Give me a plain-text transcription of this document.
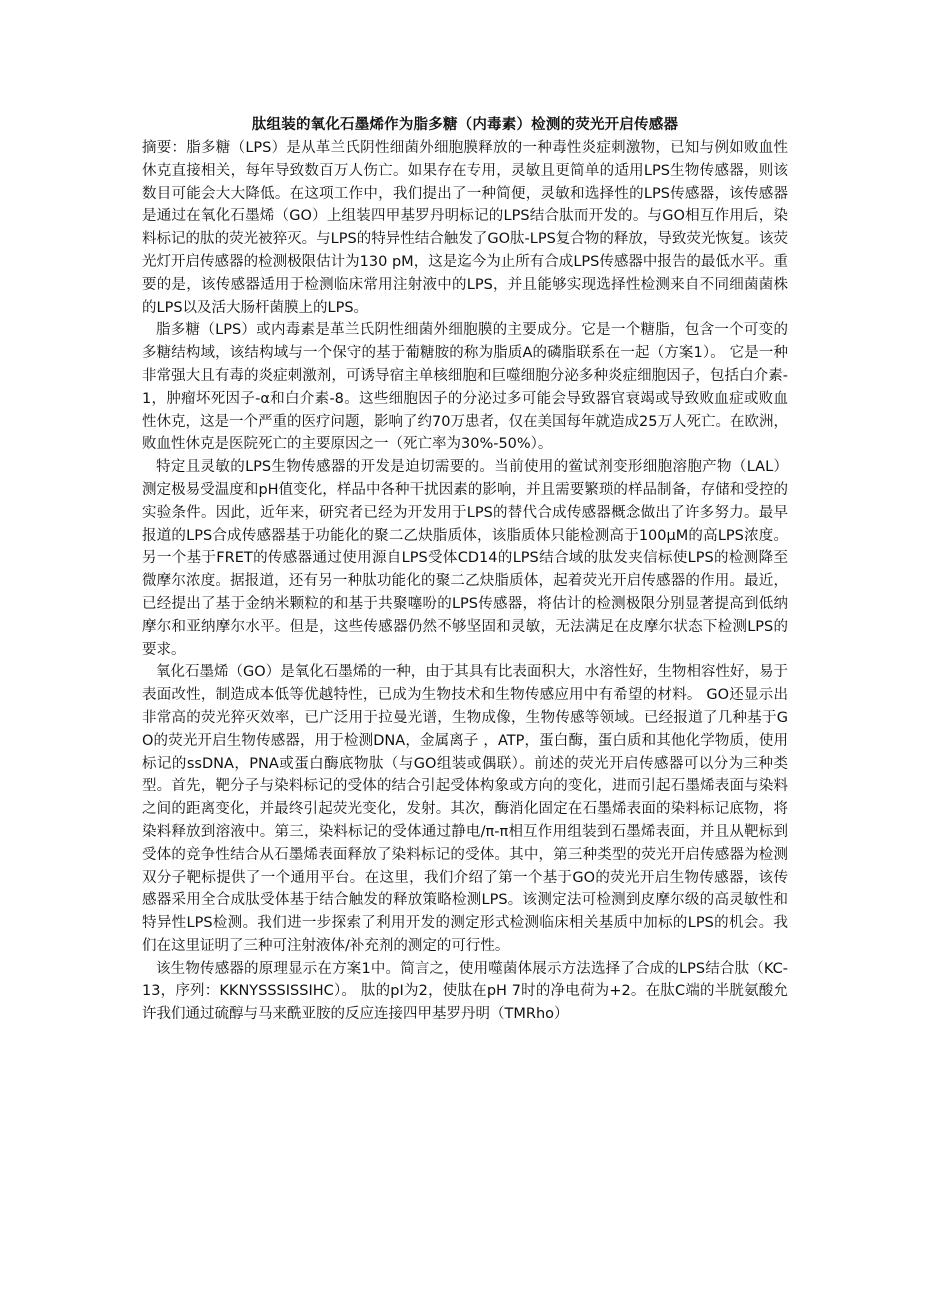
肽组装的氧化石墨烯作为脂多糖（内毒素）检测的荧光开启传感器

摘要：脂多糖（LPS）是从革兰氏阴性细菌外细胞膜释放的一种毒性炎症刺激物，已知与例如败血性休克直接相关，每年导致数百万人伤亡。如果存在专用，灵敏且更简单的适用LPS生物传感器，则该数目可能会大大降低。在这项工作中，我们提出了一种简便，灵敏和选择性的LPS传感器，该传感器是通过在氧化石墨烯（GO）上组装四甲基罗丹明标记的LPS结合肽而开发的。与GO相互作用后，染料标记的肽的荧光被猝灭。与LPS的特异性结合触发了GO肽-LPS复合物的释放，导致荧光恢复。该荧光灯开启传感器的检测极限估计为130 pM，这是迄今为止所有合成LPS传感器中报告的最低水平。重要的是，该传感器适用于检测临床常用注射液中的LPS，并且能够实现选择性检测来自不同细菌菌株的LPS以及活大肠杆菌膜上的LPS。

脂多糖（LPS）或内毒素是革兰氏阴性细菌外细胞膜的主要成分。它是一个糖脂，包含一个可变的多糖结构域，该结构域与一个保守的基于葡糖胺的称为脂质A的磷脂联系在一起（方案1）。 它是一种非常强大且有毒的炎症刺激剂，可诱导宿主单核细胞和巨噬细胞分泌多种炎症细胞因子，包括白介素-1，肿瘤坏死因子-α和白介素-8。这些细胞因子的分泌过多可能会导致器官衰竭或导致败血症或败血性休克，这是一个严重的医疗问题，影响了约70万患者，仅在美国每年就造成25万人死亡。在欧洲，败血性休克是医院死亡的主要原因之一（死亡率为30%-50%）。

特定且灵敏的LPS生物传感器的开发是迫切需要的。当前使用的鲎试剂变形细胞溶胞产物（LAL）测定极易受温度和pH值变化，样品中各种干扰因素的影响，并且需要繁琐的样品制备，存储和受控的实验条件。因此，近年来，研究者已经为开发用于LPS的替代合成传感器概念做出了许多努力。最早报道的LPS合成传感器基于功能化的聚二乙炔脂质体，该脂质体只能检测高于100μM的高LPS浓度。另一个基于FRET的传感器通过使用源自LPS受体CD14的LPS结合域的肽发夹信标使LPS的检测降至微摩尔浓度。据报道，还有另一种肽功能化的聚二乙炔脂质体，起着荧光开启传感器的作用。最近，已经提出了基于金纳米颗粒的和基于共聚噻吩的LPS传感器，将估计的检测极限分别显著提高到低纳摩尔和亚纳摩尔水平。但是，这些传感器仍然不够坚固和灵敏，无法满足在皮摩尔状态下检测LPS的要求。

氧化石墨烯（GO）是氧化石墨烯的一种，由于其具有比表面积大，水溶性好，生物相容性好，易于表面改性，制造成本低等优越特性，已成为生物技术和生物传感应用中有希望的材料。 GO还显示出非常高的荧光猝灭效率，已广泛用于拉曼光谱，生物成像，生物传感等领域。已经报道了几种基于GO的荧光开启生物传感器，用于检测DNA，金属离子 ，ATP，蛋白酶，蛋白质和其他化学物质，使用标记的ssDNA，PNA或蛋白酶底物肽（与GO组装或偶联）。前述的荧光开启传感器可以分为三种类型。首先，靶分子与染料标记的受体的结合引起受体构象或方向的变化，进而引起石墨烯表面与染料之间的距离变化，并最终引起荧光变化，发射。其次，酶消化固定在石墨烯表面的染料标记底物，将染料释放到溶液中。第三，染料标记的受体通过静电/π-π相互作用组装到石墨烯表面，并且从靶标到受体的竞争性结合从石墨烯表面释放了染料标记的受体。其中，第三种类型的荧光开启传感器为检测双分子靶标提供了一个通用平台。在这里，我们介绍了第一个基于GO的荧光开启生物传感器，该传感器采用全合成肽受体基于结合触发的释放策略检测LPS。该测定法可检测到皮摩尔级的高灵敏性和特异性LPS检测。我们进一步探索了利用开发的测定形式检测临床相关基质中加标的LPS的机会。我们在这里证明了三种可注射液体/补充剂的测定的可行性。

该生物传感器的原理显示在方案1中。简言之，使用噬菌体展示方法选择了合成的LPS结合肽（KC-13，序列：KKNYSSSISSIHC）。 肽的pI为2，使肽在pH 7时的净电荷为+2。在肽C端的半胱氨酸允许我们通过硫醇与马来酰亚胺的反应连接四甲基罗丹明（TMRho）
